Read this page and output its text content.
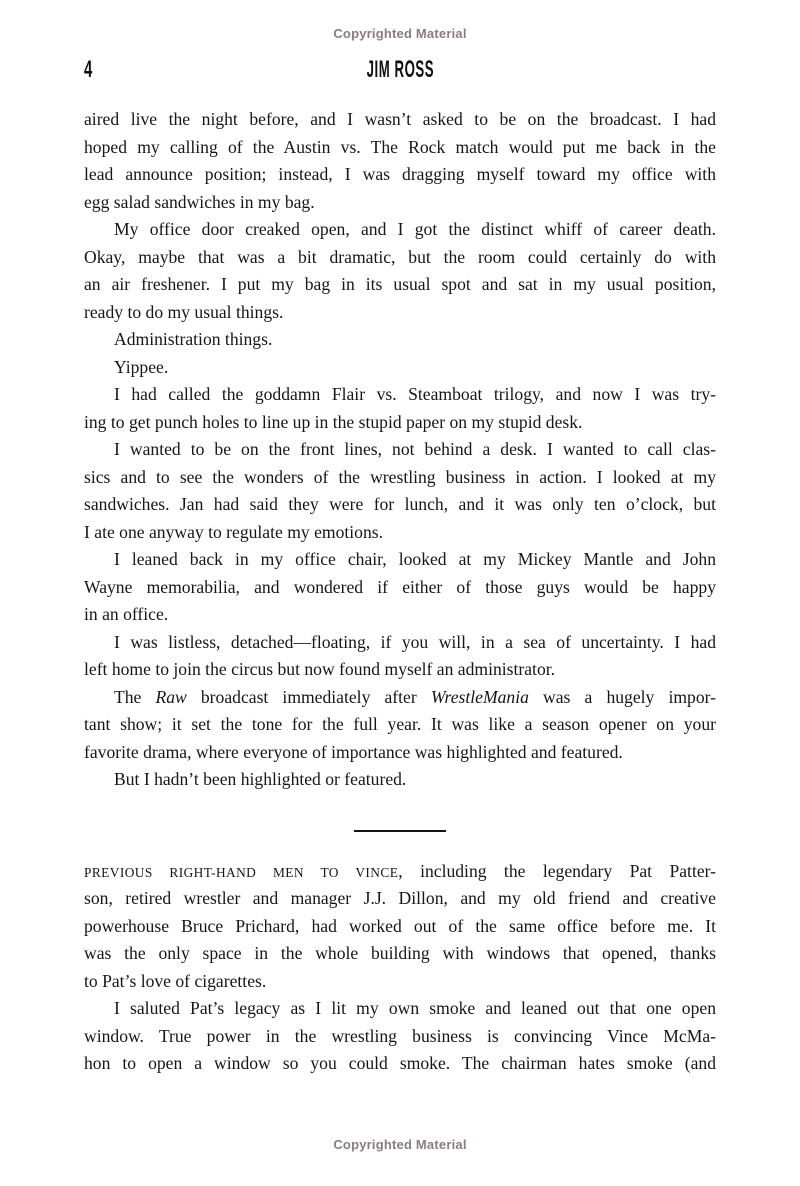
Copyrighted Material
4	JIM ROSS
aired live the night before, and I wasn’t asked to be on the broadcast. I had
hoped my calling of the Austin vs. The Rock match would put me back in the
lead announce position; instead, I was dragging myself toward my office with
egg salad sandwiches in my bag.
My office door creaked open, and I got the distinct whiff of career death.
Okay, maybe that was a bit dramatic, but the room could certainly do with
an air freshener. I put my bag in its usual spot and sat in my usual position,
ready to do my usual things.
Administration things.
Yippee.
I had called the goddamn Flair vs. Steamboat trilogy, and now I was try-
ing to get punch holes to line up in the stupid paper on my stupid desk.
I wanted to be on the front lines, not behind a desk. I wanted to call clas-
sics and to see the wonders of the wrestling business in action. I looked at my
sandwiches. Jan had said they were for lunch, and it was only ten o’clock, but
I ate one anyway to regulate my emotions.
I leaned back in my office chair, looked at my Mickey Mantle and John
Wayne memorabilia, and wondered if either of those guys would be happy
in an office.
I was listless, detached—floating, if you will, in a sea of uncertainty. I had
left home to join the circus but now found myself an administrator.
The Raw broadcast immediately after WrestleMania was a hugely impor-
tant show; it set the tone for the full year. It was like a season opener on your
favorite drama, where everyone of importance was highlighted and featured.
But I hadn’t been highlighted or featured.
PREVIOUS RIGHT-HAND MEN TO VINCE, including the legendary Pat Patter-
son, retired wrestler and manager J.J. Dillon, and my old friend and creative
powerhouse Bruce Prichard, had worked out of the same office before me. It
was the only space in the whole building with windows that opened, thanks
to Pat’s love of cigarettes.
I saluted Pat’s legacy as I lit my own smoke and leaned out that one open
window. True power in the wrestling business is convincing Vince McMa-
hon to open a window so you could smoke. The chairman hates smoke (and
Copyrighted Material
